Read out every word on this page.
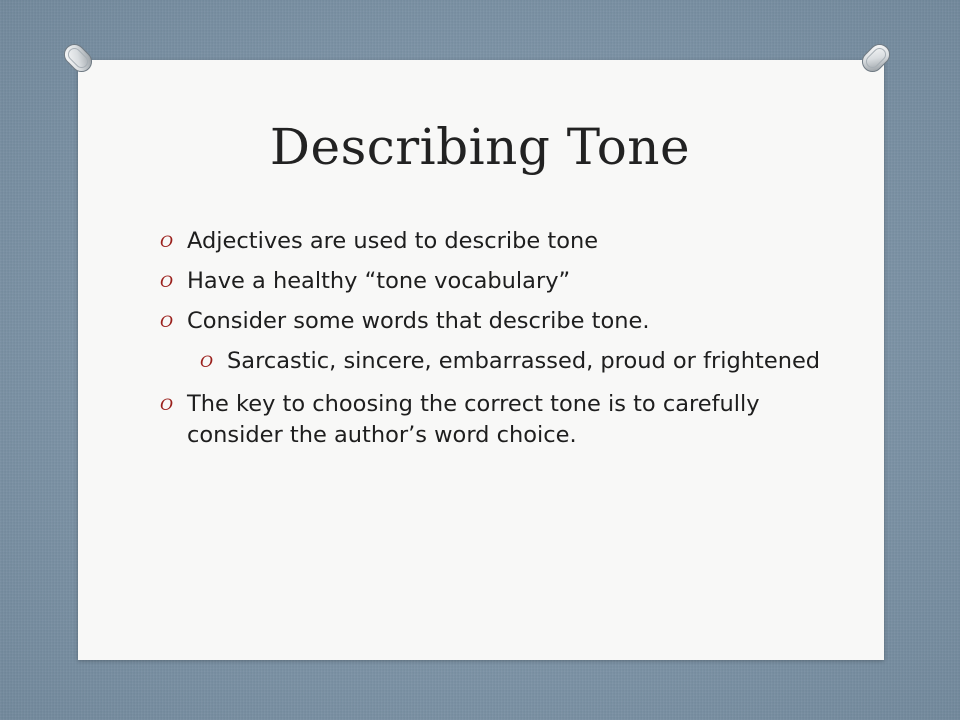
Describing Tone
O Adjectives are used to describe tone
O Have a healthy “tone vocabulary”
O Consider some words that describe tone.
O Sarcastic, sincere, embarrassed, proud or frightened
O The key to choosing the correct tone is to carefully consider the author’s word choice.
